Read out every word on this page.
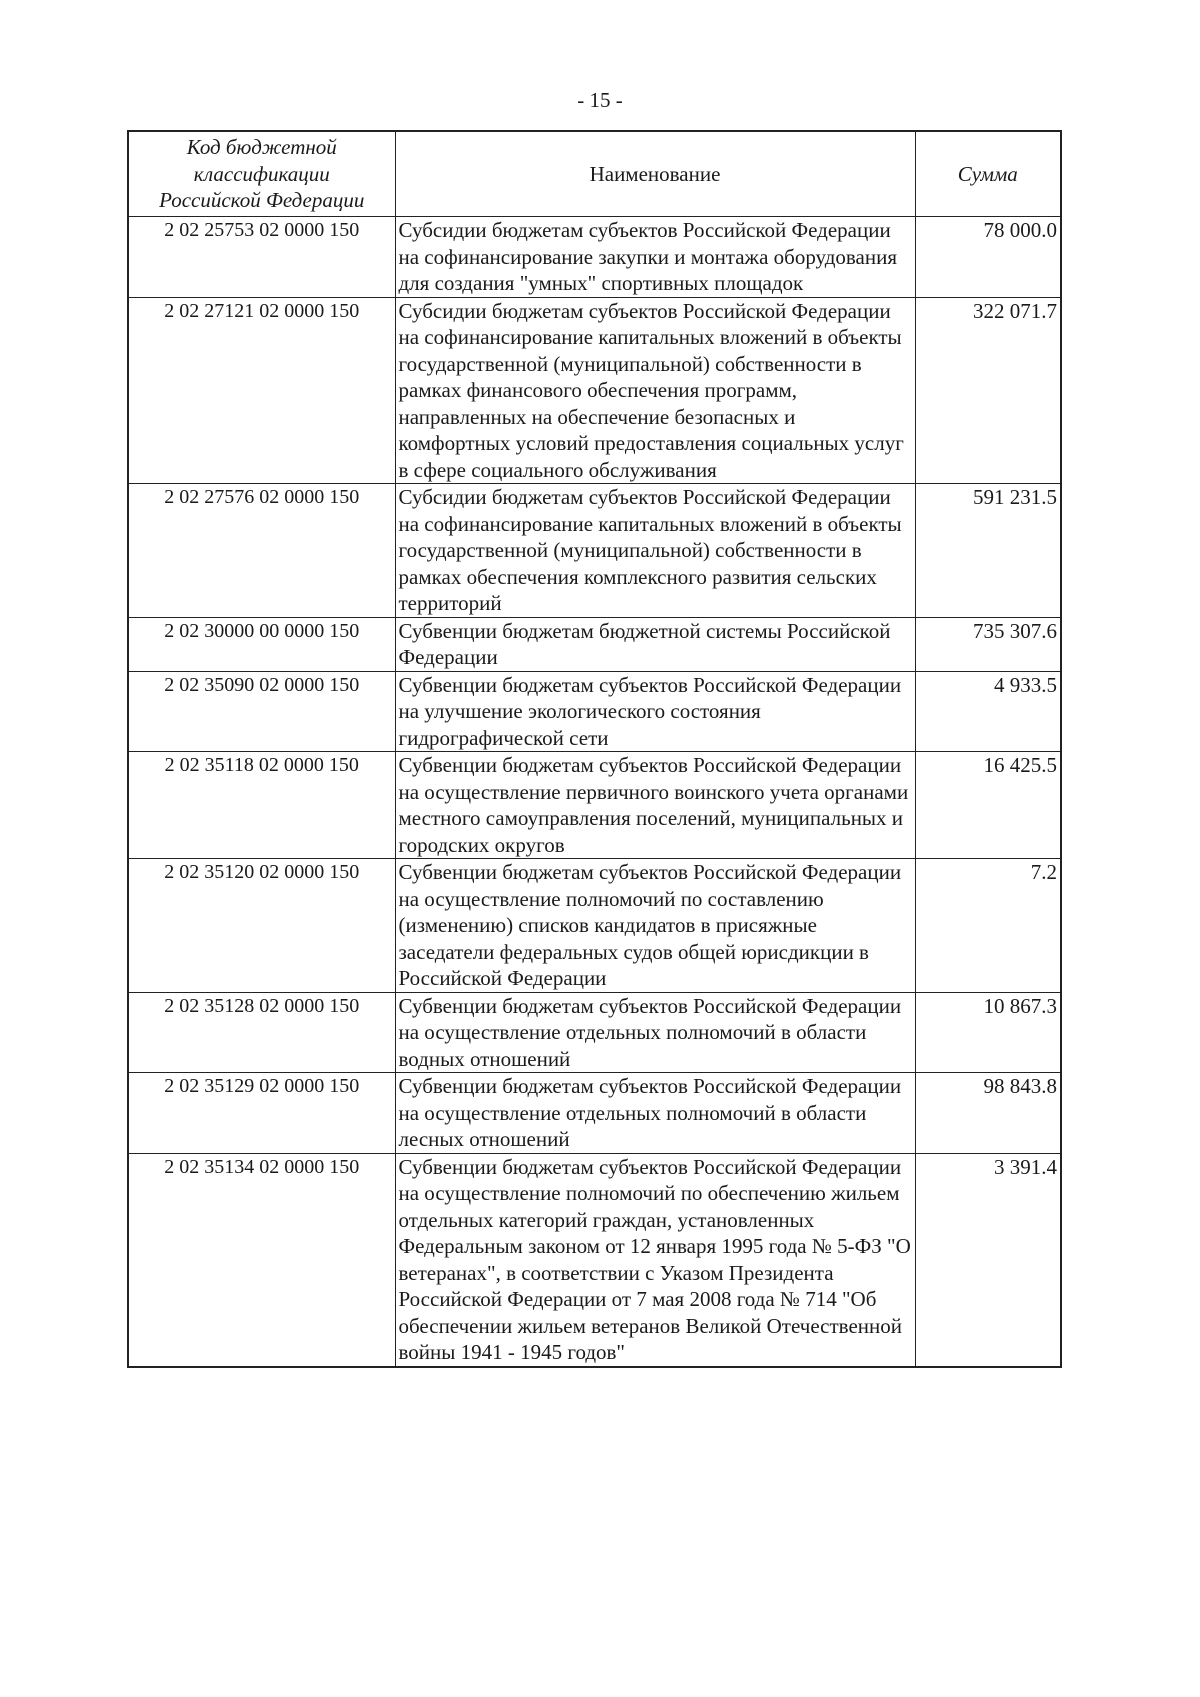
- 15 -
Код бюджетной
классификации
Российской Федерации	Наименование	Сумма
2 02 25753 02 0000 150	Субсидии бюджетам субъектов Российской Федерации на софинансирование закупки и монтажа оборудования для создания "умных" спортивных площадок	78 000.0
2 02 27121 02 0000 150	Субсидии бюджетам субъектов Российской Федерации на софинансирование капитальных вложений в объекты государственной (муниципальной) собственности в рамках финансового обеспечения программ, направленных на обеспечение безопасных и комфортных условий предоставления социальных услуг в сфере социального обслуживания	322 071.7
2 02 27576 02 0000 150	Субсидии бюджетам субъектов Российской Федерации на софинансирование капитальных вложений в объекты государственной (муниципальной) собственности в рамках обеспечения комплексного развития сельских территорий	591 231.5
2 02 30000 00 0000 150	Субвенции бюджетам бюджетной системы Российской Федерации	735 307.6
2 02 35090 02 0000 150	Субвенции бюджетам субъектов Российской Федерации на улучшение экологического состояния гидрографической сети	4 933.5
2 02 35118 02 0000 150	Субвенции бюджетам субъектов Российской Федерации на осуществление первичного воинского учета органами местного самоуправления поселений, муниципальных и городских округов	16 425.5
2 02 35120 02 0000 150	Субвенции бюджетам субъектов Российской Федерации на осуществление полномочий по составлению (изменению) списков кандидатов в присяжные заседатели федеральных судов общей юрисдикции в Российской Федерации	7.2
2 02 35128 02 0000 150	Субвенции бюджетам субъектов Российской Федерации на осуществление отдельных полномочий в области водных отношений	10 867.3
2 02 35129 02 0000 150	Субвенции бюджетам субъектов Российской Федерации на осуществление отдельных полномочий в области лесных отношений	98 843.8
2 02 35134 02 0000 150	Субвенции бюджетам субъектов Российской Федерации на осуществление полномочий по обеспечению жильем отдельных категорий граждан, установленных Федеральным законом от 12 января 1995 года № 5-ФЗ "О ветеранах", в соответствии с Указом Президента Российской Федерации от 7 мая 2008 года № 714 "Об обеспечении жильем ветеранов Великой Отечественной войны 1941 - 1945 годов"	3 391.4
